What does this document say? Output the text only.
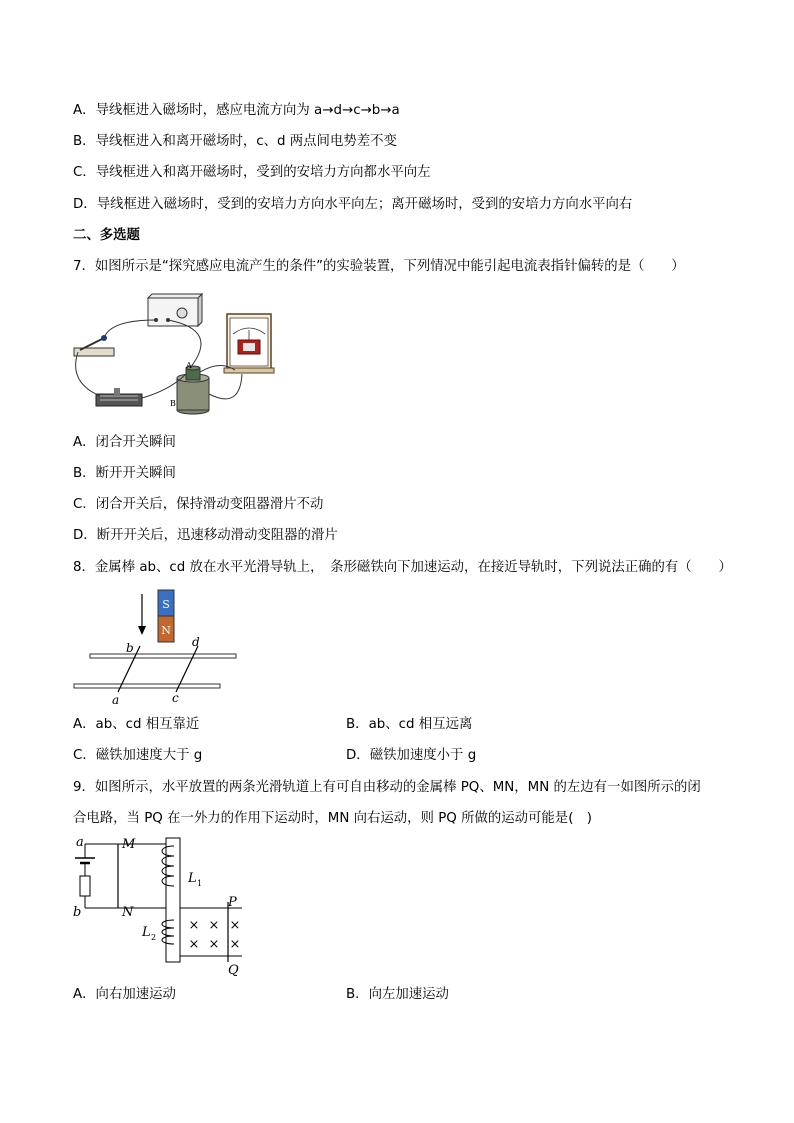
A．导线框进入磁场时，感应电流方向为 a→d→c→b→a
B．导线框进入和离开磁场时，c、d 两点间电势差不变
C．导线框进入和离开磁场时，受到的安培力方向都水平向左
D．导线框进入磁场时，受到的安培力方向水平向左；离开磁场时，受到的安培力方向水平向右
二、多选题
7．如图所示是“探究感应电流产生的条件”的实验装置，下列情况中能引起电流表指针偏转的是（　　）
A
B
A．闭合开关瞬间
B．断开开关瞬间
C．闭合开关后，保持滑动变阻器滑片不动
D．断开开关后，迅速移动滑动变阻器的滑片
8．金属棒 ab、cd 放在水平光滑导轨上，　条形磁铁向下加速运动，在接近导轨时，下列说法正确的有（　　）
S
N
b
a
d
c
A．ab、cd 相互靠近	B．ab、cd 相互远离
C．磁铁加速度大于 g	D．磁铁加速度小于 g
9．如图所示，水平放置的两条光滑轨道上有可自由移动的金属棒 PQ、MN，MN 的左边有一如图所示的闭
合电路，当 PQ 在一外力的作用下运动时，MN 向右运动，则 PQ 所做的运动可能是(　)
× × ×
× × ×
a
b
M
N
L 1
L 2
P
Q
A．向右加速运动	B．向左加速运动
